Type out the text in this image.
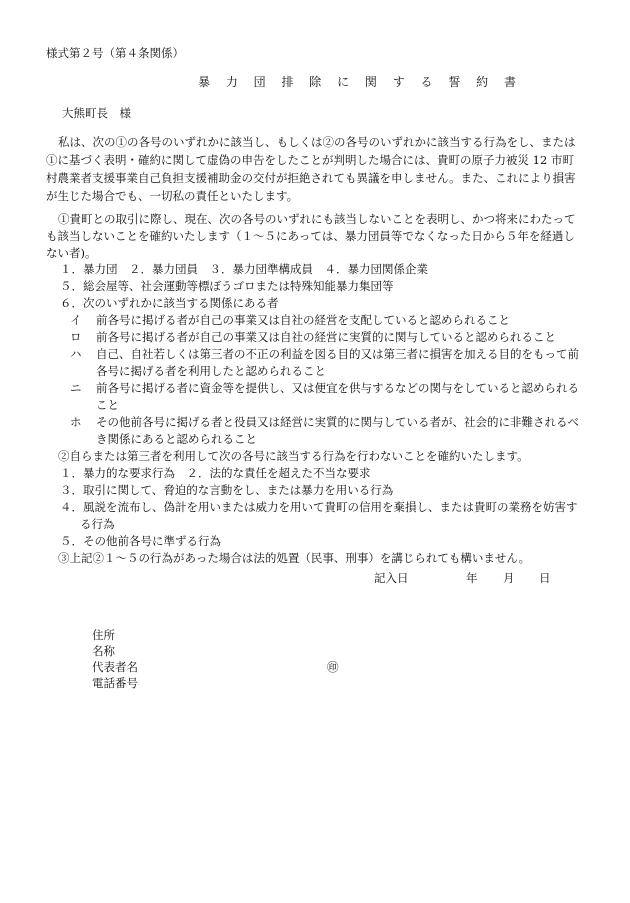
様式第２号（第４条関係）
暴 力 団 排 除 に 関 す る 誓 約 書
大熊町長　様
私は、次の①の各号のいずれかに該当し、もしくは②の各号のいずれかに該当する行為をし、または
①に基づく表明・確約に関して虚偽の申告をしたことが判明した場合には、貴町の原子力被災 12 市町
村農業者支援事業自己負担支援補助金の交付が拒絶されても異議を申しません。また、これにより損害
が生じた場合でも、一切私の責任といたします。
①貴町との取引に際し、現在、次の各号のいずれにも該当しないことを表明し、かつ将来にわたって
も該当しないことを確約いたします（１～５にあっては、暴力団員等でなくなった日から５年を経過し
ない者)。
１．暴力団　２．暴力団員　３．暴力団準構成員　４．暴力団関係企業
５．総会屋等、社会運動等標ぼうゴロまたは特殊知能暴力集団等
６．次のいずれかに該当する関係にある者
イ 前各号に掲げる者が自己の事業又は自社の経営を支配していると認められること
ロ 前各号に掲げる者が自己の事業又は自社の経営に実質的に関与していると認められること
ハ 自己、自社若しくは第三者の不正の利益を図る目的又は第三者に損害を加える目的をもって前
各号に掲げる者を利用したと認められること
ニ 前各号に掲げる者に資金等を提供し、又は便宜を供与するなどの関与をしていると認められる
こと
ホ その他前各号に掲げる者と役員又は経営に実質的に関与している者が、社会的に非難されるべ
き関係にあると認められること
②自らまたは第三者を利用して次の各号に該当する行為を行わないことを確約いたします。
１．暴力的な要求行為　２．法的な責任を超えた不当な要求
３．取引に関して、脅迫的な言動をし、または暴力を用いる行為
４．風説を流布し、偽計を用いまたは威力を用いて貴町の信用を棄損し、または貴町の業務を妨害す
る行為
５．その他前各号に準ずる行為
③上記②１～５の行為があった場合は法的処置（民事、刑事）を講じられても構いません。
記入日	年 月 日
住所
名称
代表者名	㊞
電話番号
